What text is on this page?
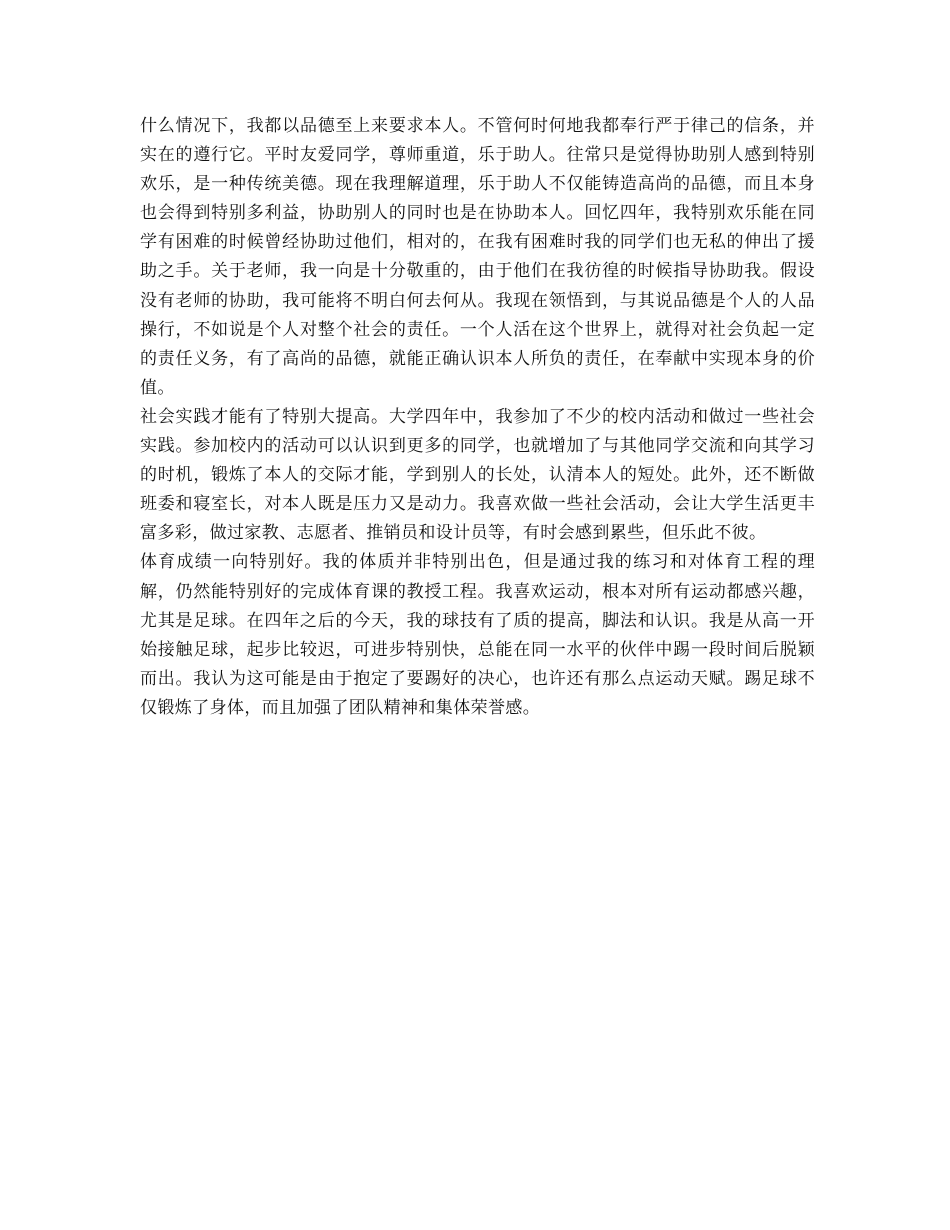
什么情况下，我都以品德至上来要求本人。不管何时何地我都奉行严于律己的信条，并实在的遵行它。平时友爱同学，尊师重道，乐于助人。往常只是觉得协助别人感到特别欢乐，是一种传统美德。现在我理解道理，乐于助人不仅能铸造高尚的品德，而且本身也会得到特别多利益，协助别人的同时也是在协助本人。回忆四年，我特别欢乐能在同学有困难的时候曾经协助过他们，相对的，在我有困难时我的同学们也无私的伸出了援助之手。关于老师，我一向是十分敬重的，由于他们在我彷徨的时候指导协助我。假设没有老师的协助，我可能将不明白何去何从。我现在领悟到，与其说品德是个人的人品操行，不如说是个人对整个社会的责任。一个人活在这个世界上，就得对社会负起一定的责任义务，有了高尚的品德，就能正确认识本人所负的责任，在奉献中实现本身的价值。

社会实践才能有了特别大提高。大学四年中，我参加了不少的校内活动和做过一些社会实践。参加校内的活动可以认识到更多的同学，也就增加了与其他同学交流和向其学习的时机，锻炼了本人的交际才能，学到别人的长处，认清本人的短处。此外，还不断做班委和寝室长，对本人既是压力又是动力。我喜欢做一些社会活动，会让大学生活更丰富多彩，做过家教、志愿者、推销员和设计员等，有时会感到累些，但乐此不彼。

体育成绩一向特别好。我的体质并非特别出色，但是通过我的练习和对体育工程的理解，仍然能特别好的完成体育课的教授工程。我喜欢运动，根本对所有运动都感兴趣，尤其是足球。在四年之后的今天，我的球技有了质的提高，脚法和认识。我是从高一开始接触足球，起步比较迟，可进步特别快，总能在同一水平的伙伴中踢一段时间后脱颖而出。我认为这可能是由于抱定了要踢好的决心，也许还有那么点运动天赋。踢足球不仅锻炼了身体，而且加强了团队精神和集体荣誉感。
